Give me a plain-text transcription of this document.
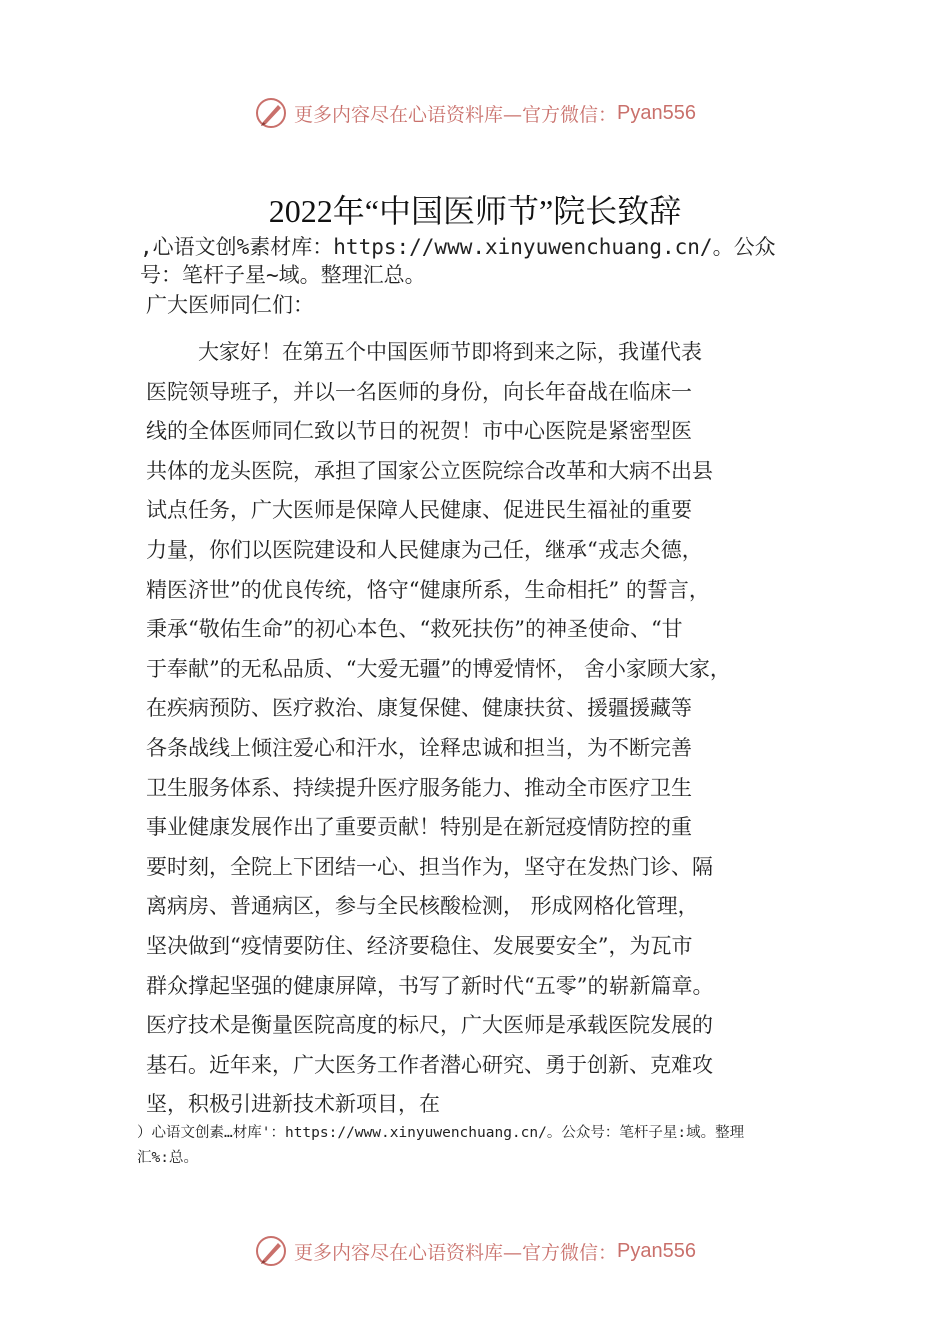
更多内容尽在心语资料库—官方微信： Pyan556
2022年“中国医师节”院长致辞
,心语文创%素材库：https://www.xinyuwenchuang.cn/。公众
号：笔杆子星~域。整理汇总。
广大医师同仁们：
大家好！在第五个中国医师节即将到来之际，我谨代表
医院领导班子，并以一名医师的身份，向长年奋战在临床一
线的全体医师同仁致以节日的祝贺！市中心医院是紧密型医
共体的龙头医院，承担了国家公立医院综合改革和大病不出县
试点任务，广大医师是保障人民健康、促进民生福祉的重要
力量，你们以医院建设和人民健康为己任，继承“戎志仌德，
精医济世”的优良传统，恪守“健康所系，生命相托” 的誓言，
秉承“敬佑生命”的初心本色、“救死扶伤”的神圣使命、“甘
于奉献”的无私品质、“大爱无疆”的博爱情怀， 舍小家顾大家，
在疾病预防、医疗救治、康复保健、健康扶贫、援疆援藏等
各条战线上倾注爱心和汗水，诠释忠诚和担当，为不断完善
卫生服务体系、持续提升医疗服务能力、推动全市医疗卫生
事业健康发展作出了重要贡献！特别是在新冠疫情防控的重
要时刻，全院上下团结一心、担当作为，坚守在发热门诊、隔
离病房、普通病区，参与全民核酸检测， 形成网格化管理，
坚决做到“疫情要防住、经济要稳住、发展要安全”，为瓦市
群众撑起坚强的健康屏障，书写了新时代“五零”的崭新篇章。
医疗技术是衡量医院高度的标尺，广大医师是承载医院发展的
基石。近年来，广大医务工作者潜心研究、勇于创新、克难攻
坚，积极引进新技术新项目，在
）心语文创素…材库'：https://www.xinyuwenchuang.cn/。公众号：笔杆子星:域。整理
汇%:总。
更多内容尽在心语资料库—官方微信： Pyan556
